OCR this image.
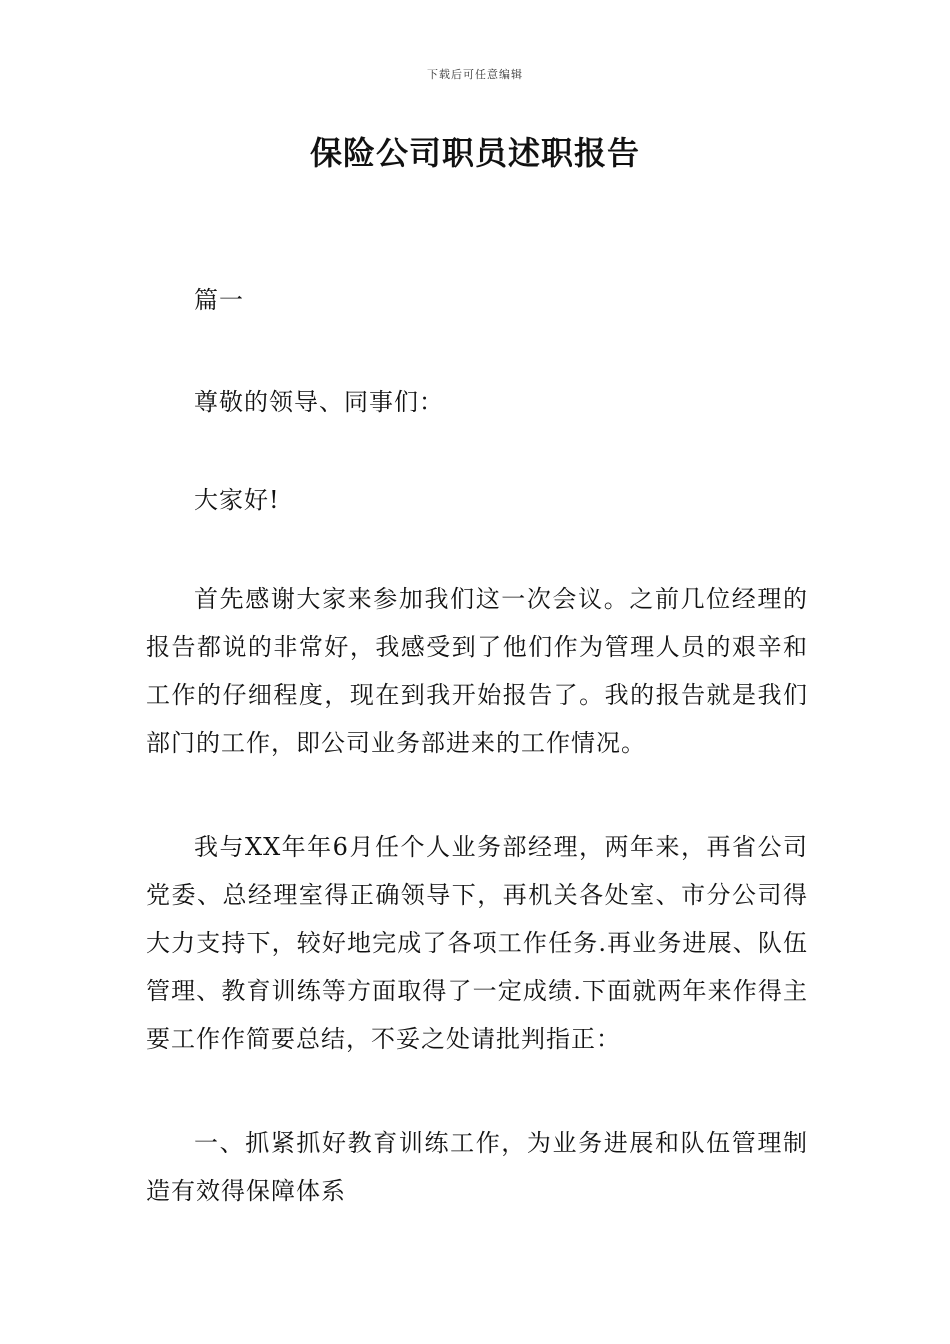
下载后可任意编辑
保险公司职员述职报告

篇一

尊敬的领导、同事们：

大家好!

首先感谢大家来参加我们这一次会议。之前几位经理的报告都说的非常好，我感受到了他们作为管理人员的艰辛和工作的仔细程度，现在到我开始报告了。我的报告就是我们部门的工作，即公司业务部进来的工作情况。

我与XX年年6月任个人业务部经理，两年来，再省公司党委、总经理室得正确领导下，再机关各处室、市分公司得大力支持下，较好地完成了各项工作任务.再业务进展、队伍管理、教育训练等方面取得了一定成绩.下面就两年来作得主要工作作简要总结，不妥之处请批判指正：

一、抓紧抓好教育训练工作，为业务进展和队伍管理制造有效得保障体系
